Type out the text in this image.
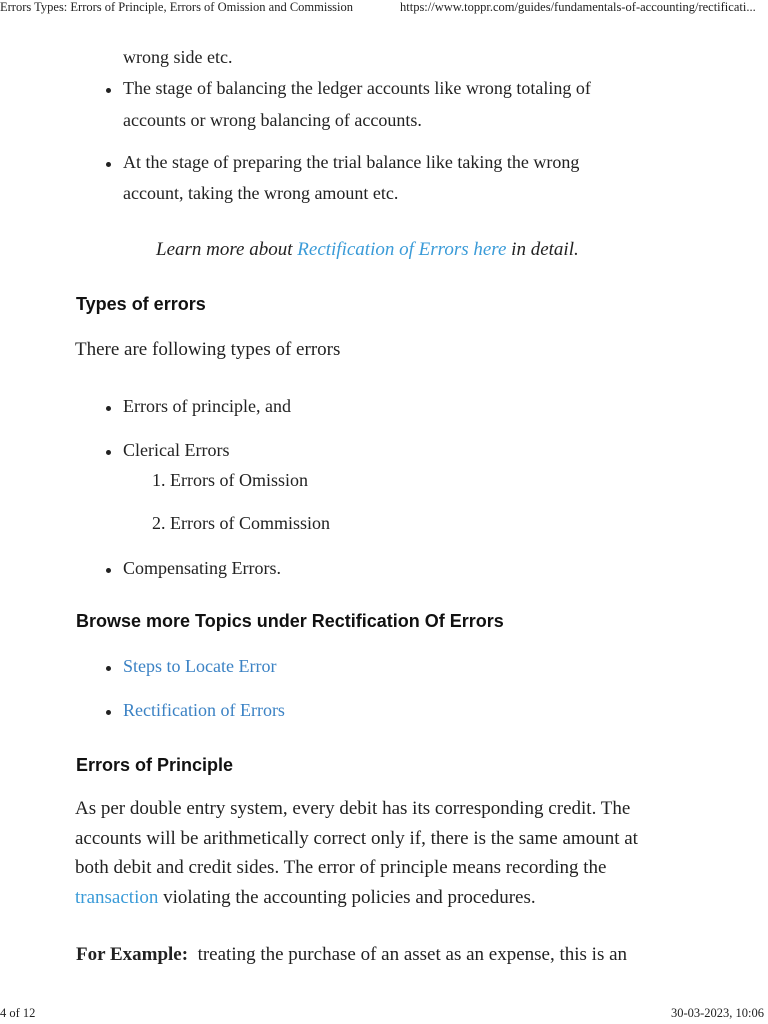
Errors Types: Errors of Principle, Errors of Omission and Commission	https://www.toppr.com/guides/fundamentals-of-accounting/rectificati...
wrong side etc.
The stage of balancing the ledger accounts like wrong totaling of
accounts or wrong balancing of accounts.
At the stage of preparing the trial balance like taking the wrong
account, taking the wrong amount etc.
Learn more about Rectification of Errors here in detail.
Types of errors
There are following types of errors
Errors of principle, and
Clerical Errors
1. Errors of Omission
2. Errors of Commission
Compensating Errors.
Browse more Topics under Rectification Of Errors
Steps to Locate Error
Rectification of Errors
Errors of Principle
As per double entry system, every debit has its corresponding credit. The
accounts will be arithmetically correct only if, there is the same amount at
both debit and credit sides. The error of principle means recording the
transaction violating the accounting policies and procedures.
For Example:  treating the purchase of an asset as an expense, this is an
4 of 12	30-03-2023, 10:06
